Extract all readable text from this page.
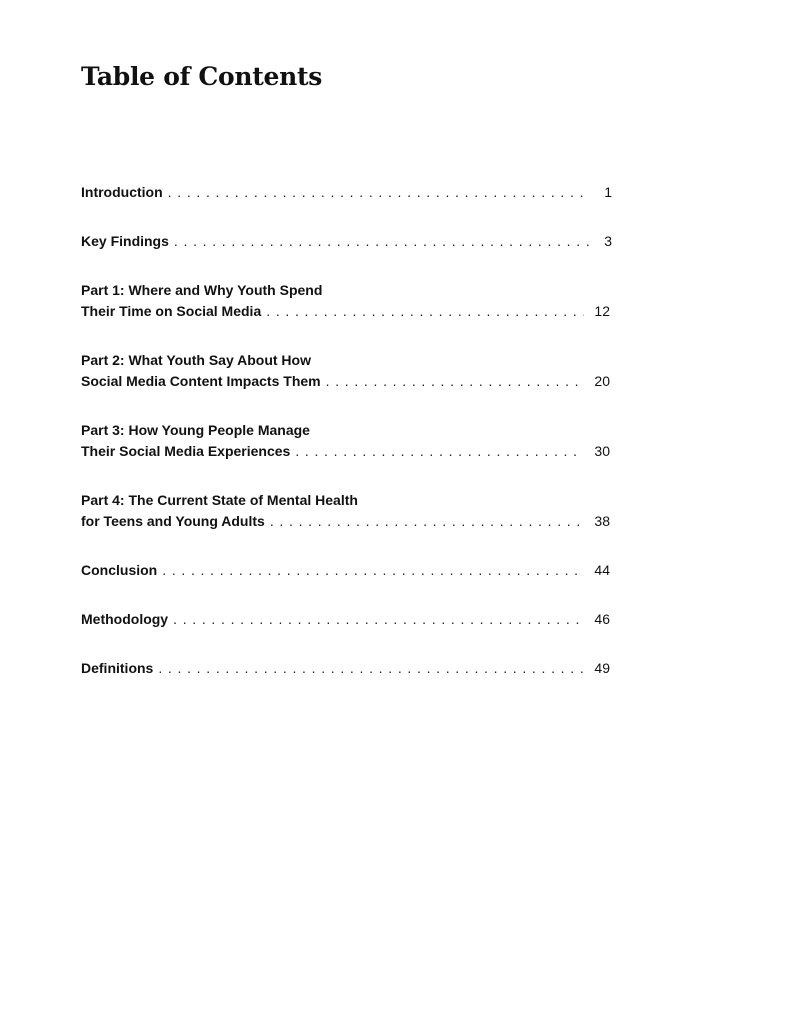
Table of Contents
Introduction . . .	1
Key Findings . . .	3
Part 1: Where and Why Youth Spend
Their Time on Social Media . . .	12
Part 2: What Youth Say About How
Social Media Content Impacts Them . . .	20
Part 3: How Young People Manage
Their Social Media Experiences . . .	30
Part 4: The Current State of Mental Health
for Teens and Young Adults . . .	38
Conclusion . . .	44
Methodology . . .	46
Definitions . . .	49
